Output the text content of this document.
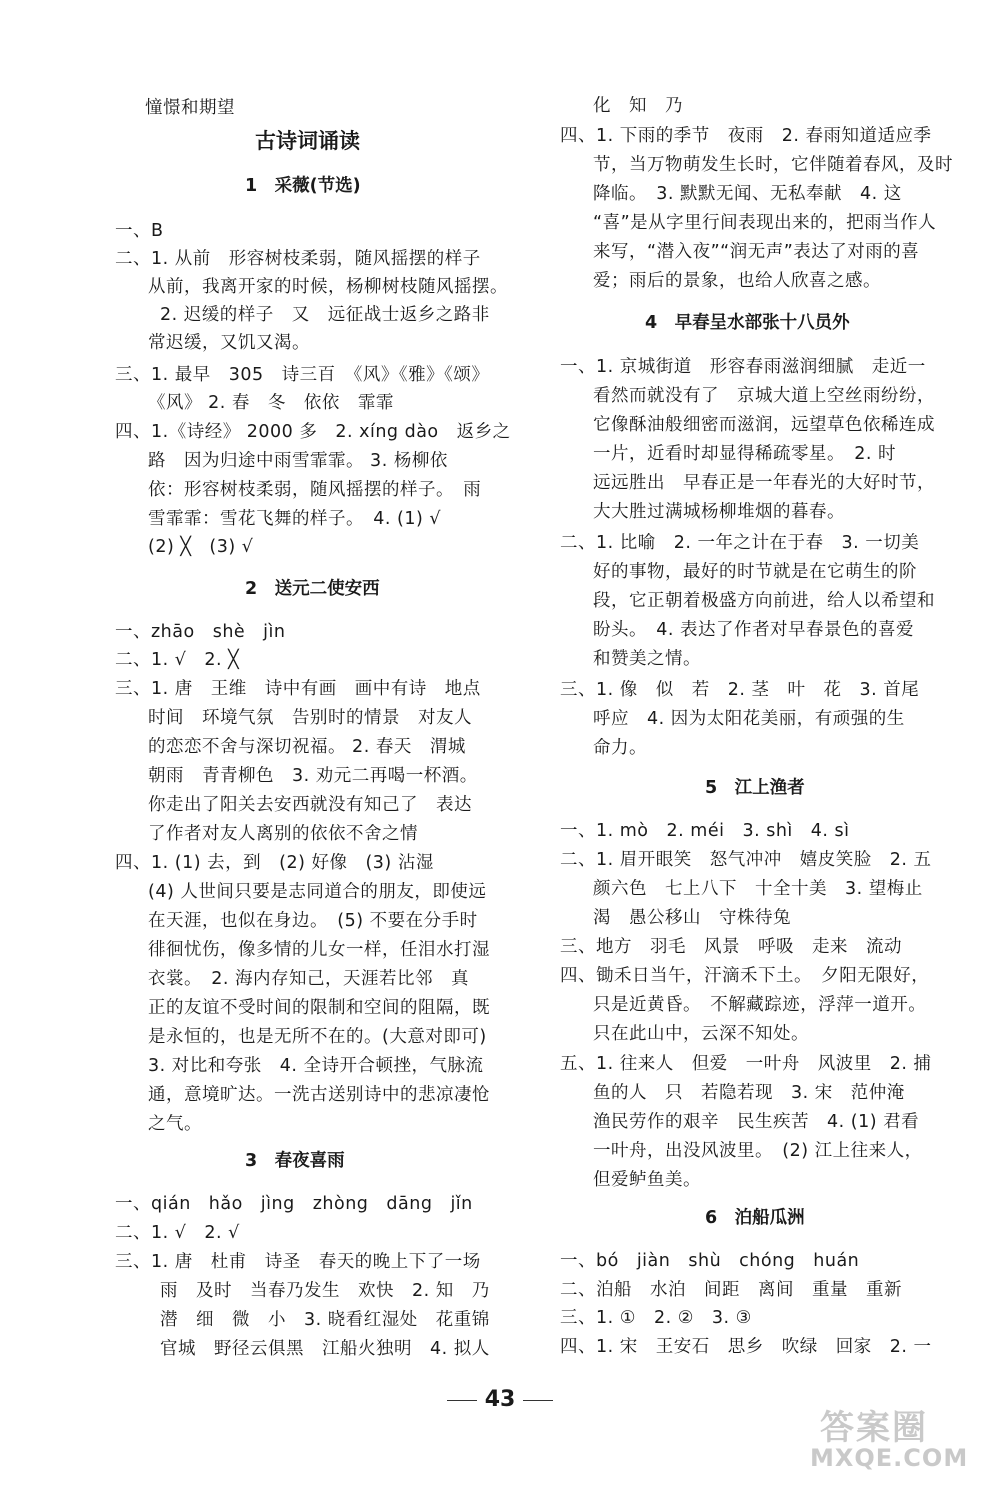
憧憬和期望
古诗词诵读
1　采薇(节选)
一、B
二、1. 从前　形容树枝柔弱，随风摇摆的样子
从前，我离开家的时候，杨柳树枝随风摇摆。
2. 迟缓的样子　又　远征战士返乡之路非
常迟缓，又饥又渴。
三、1. 最早　305　诗三百　《风》《雅》《颂》
《风》 2. 春　冬　依依　霏霏
四、1.《诗经》 2000 多　2. xíng dào　返乡之
路　因为归途中雨雪霏霏。 3. 杨柳依
依：形容树枝柔弱，随风摇摆的样子。　雨
雪霏霏：雪花飞舞的样子。　4. (1) √
(2) ╳　(3) √
2　送元二使安西
一、zhāo　shè　jìn
二、1. √　2. ╳
三、1. 唐　王维　诗中有画　画中有诗　地点
时间　环境气氛　告别时的情景　对友人
的恋恋不舍与深切祝福。 2. 春天　渭城
朝雨　青青柳色　3. 劝元二再喝一杯酒。
你走出了阳关去安西就没有知己了　表达
了作者对友人离别的依依不舍之情
四、1. (1) 去，到　(2) 好像　(3) 沾湿
(4) 人世间只要是志同道合的朋友，即使远
在天涯，也似在身边。　(5) 不要在分手时
徘徊忧伤，像多情的儿女一样，任泪水打湿
衣裳。　2. 海内存知己，天涯若比邻　真
正的友谊不受时间的限制和空间的阻隔，既
是永恒的，也是无所不在的。(大意对即可)
3. 对比和夸张　4. 全诗开合顿挫，气脉流
通，意境旷达。一洗古送别诗中的悲凉凄怆
之气。
3　春夜喜雨
一、qián　hǎo　jìng　zhòng　dāng　jǐn
二、1. √　2. √
三、1. 唐　杜甫　诗圣　春天的晚上下了一场
雨　及时　当春乃发生　欢快　2. 知　乃
潜　细　微　小　3. 晓看红湿处　花重锦
官城　野径云俱黑　江船火独明　4. 拟人
化　知　乃
四、1. 下雨的季节　夜雨　2. 春雨知道适应季
节，当万物萌发生长时，它伴随着春风，及时
降临。　3. 默默无闻、无私奉献　4. 这
“喜”是从字里行间表现出来的，把雨当作人
来写，“潜入夜”“润无声”表达了对雨的喜
爱；雨后的景象，也给人欣喜之感。
4　早春呈水部张十八员外
一、1. 京城街道　形容春雨滋润细腻　走近一
看然而就没有了　京城大道上空丝雨纷纷，
它像酥油般细密而滋润，远望草色依稀连成
一片，近看时却显得稀疏零星。　2. 时
远远胜出　早春正是一年春光的大好时节，
大大胜过满城杨柳堆烟的暮春。
二、1. 比喻　2. 一年之计在于春　3. 一切美
好的事物，最好的时节就是在它萌生的阶
段，它正朝着极盛方向前进，给人以希望和
盼头。　4. 表达了作者对早春景色的喜爱
和赞美之情。
三、1. 像　似　若　2. 茎　叶　花　3. 首尾
呼应　4. 因为太阳花美丽，有顽强的生
命力。
5　江上渔者
一、1. mò　2. méi　3. shì　4. sì
二、1. 眉开眼笑　怒气冲冲　嬉皮笑脸　2. 五
颜六色　七上八下　十全十美　3. 望梅止
渴　愚公移山　守株待兔
三、地方　羽毛　风景　呼吸　走来　流动
四、锄禾日当午，汗滴禾下土。　夕阳无限好，
只是近黄昏。　不解藏踪迹，浮萍一道开。
只在此山中，云深不知处。
五、1. 往来人　但爱　一叶舟　风波里　2. 捕
鱼的人　只　若隐若现　3. 宋　范仲淹
渔民劳作的艰辛　民生疾苦　4. (1) 君看
一叶舟，出没风波里。　(2) 江上往来人，
但爱鲈鱼美。
6　泊船瓜洲
一、bó　jiàn　shù　chóng　huán
二、泊船　水泊　间距　离间　重量　重新
三、1. ①　2. ②　3. ③
四、1. 宋　王安石　思乡　吹绿　回家　2. 一
43
答案圈
MXQE.COM
